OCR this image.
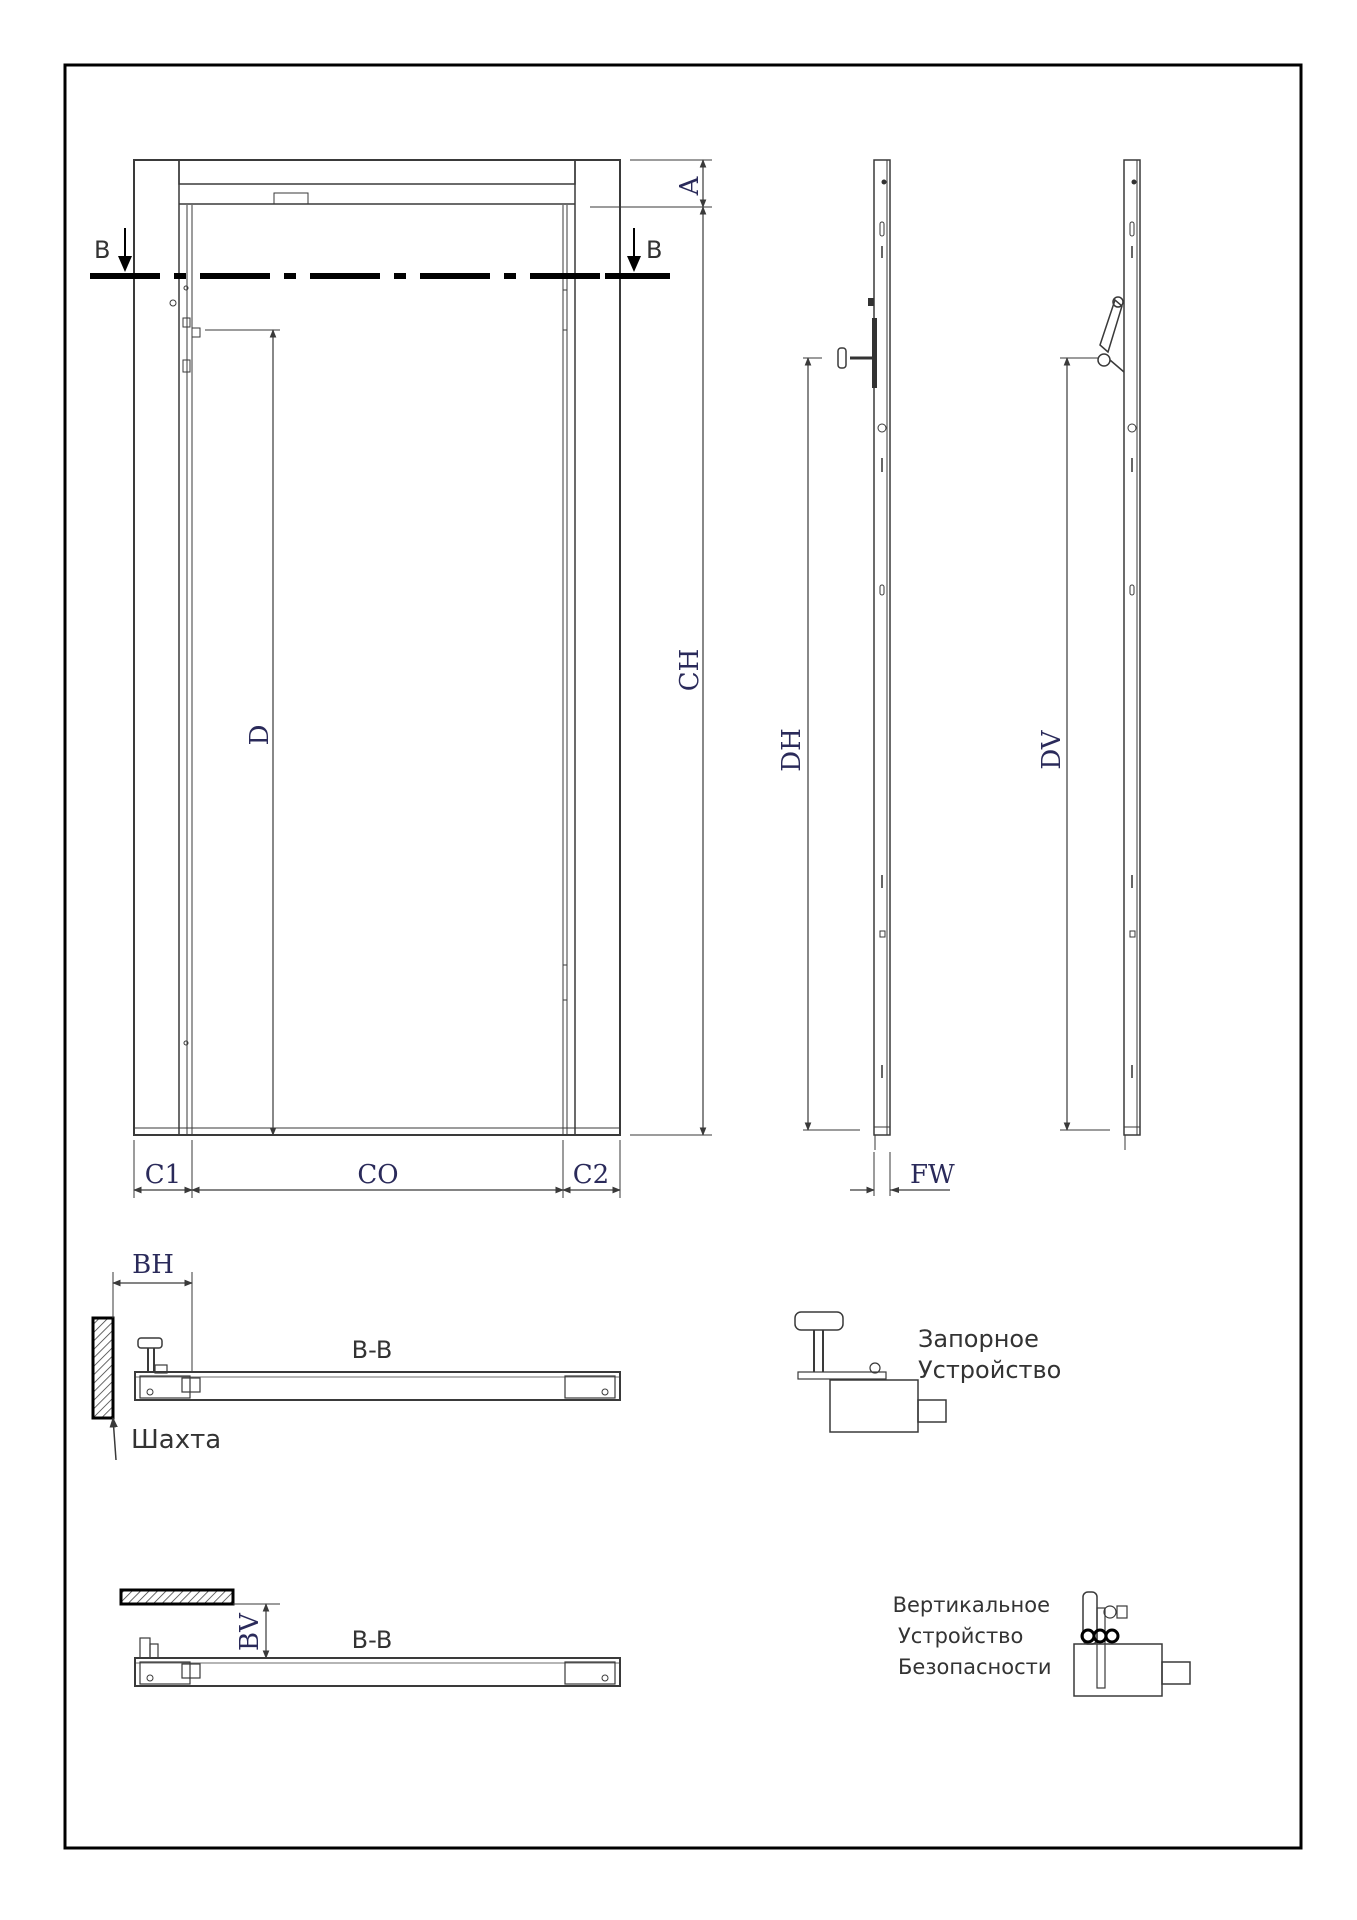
B	B
A
CH
D
C1	CO	C2
DH
FW
DV
Шахта
BH
B-B
BV	B-B
Запорное
Устройство
Вертикальное
Устройство
Безопасности
